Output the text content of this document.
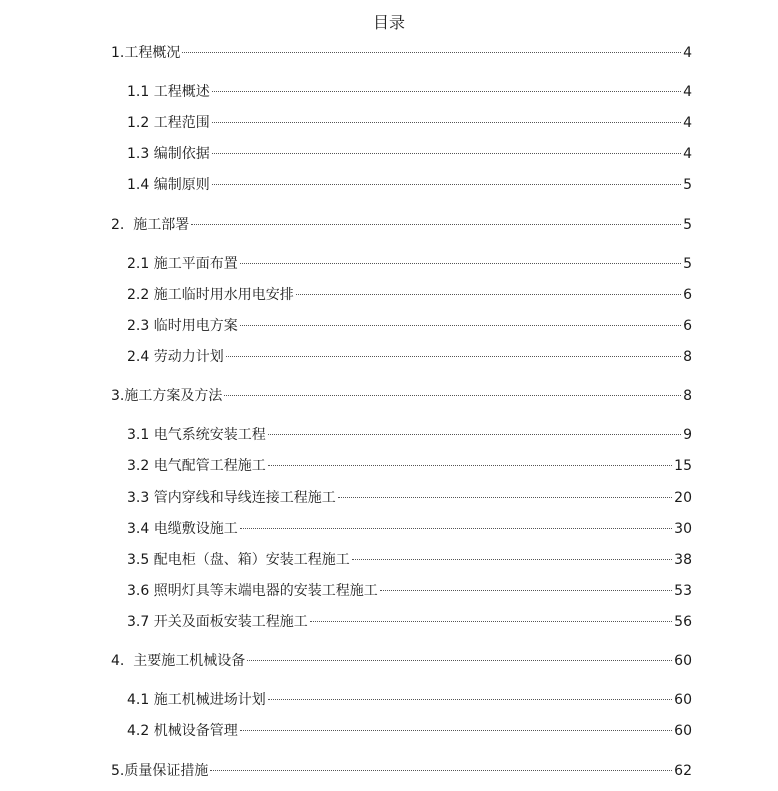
目录
1.工程概况	4
1.1 工程概述	4
1.2 工程范围	4
1.3 编制依据	4
1.4 编制原则	5
2.  施工部署	5
2.1 施工平面布置	5
2.2 施工临时用水用电安排	6
2.3 临时用电方案	6
2.4 劳动力计划	8
3.施工方案及方法	8
3.1 电气系统安装工程	9
3.2 电气配管工程施工	15
3.3 管内穿线和导线连接工程施工	20
3.4 电缆敷设施工	30
3.5 配电柜（盘、箱）安装工程施工	38
3.6 照明灯具等末端电器的安装工程施工	53
3.7 开关及面板安装工程施工	56
4.  主要施工机械设备	60
4.1 施工机械进场计划	60
4.2 机械设备管理	60
5.质量保证措施	62
